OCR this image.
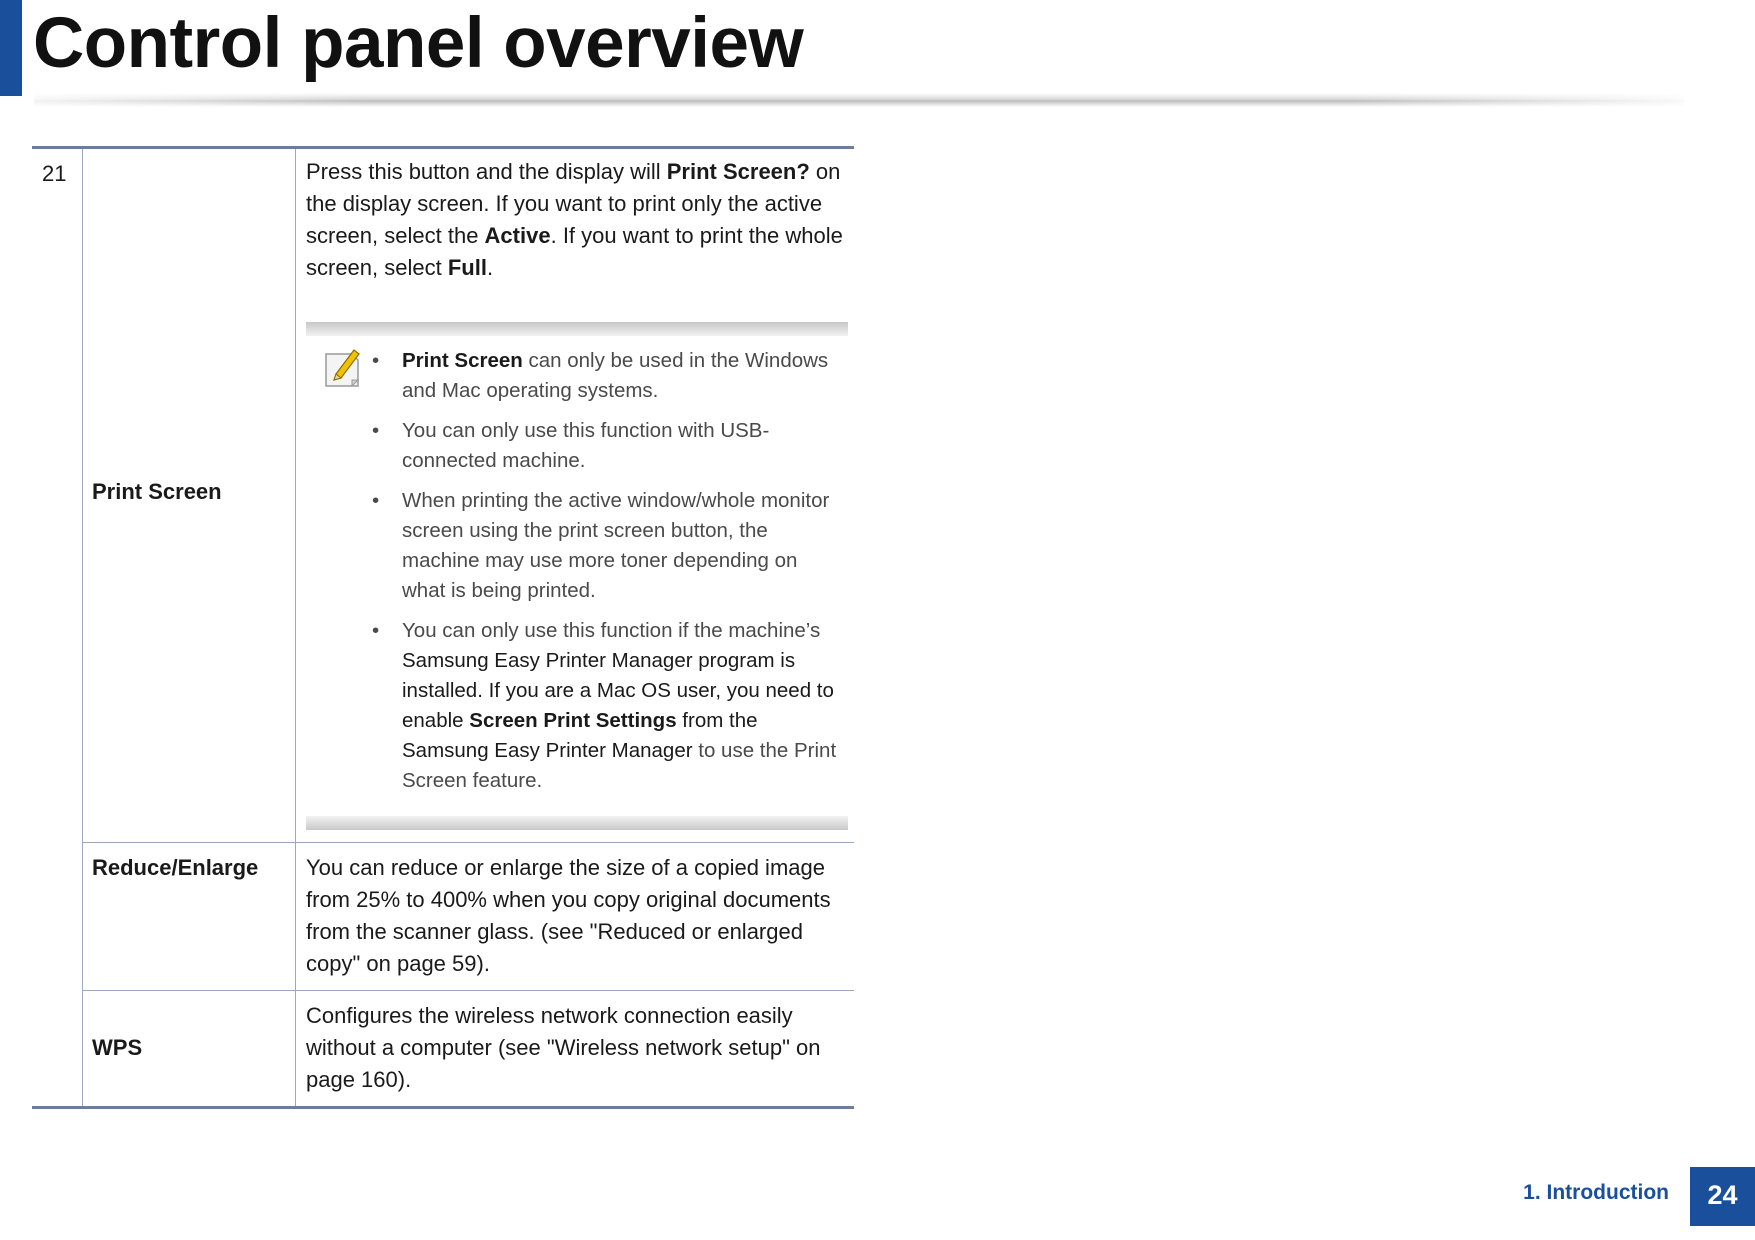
Control panel overview
21
Print Screen
Press this button and the display will Print Screen? on the display screen. If you want to print only the active screen, select the Active. If you want to print the whole screen, select Full.
• Print Screen can only be used in the Windows and Mac operating systems.
• You can only use this function with USB-connected machine.
• When printing the active window/whole monitor screen using the print screen button, the machine may use more toner depending on what is being printed.
• You can only use this function if the machine’s Samsung Easy Printer Manager program is installed. If you are a Mac OS user, you need to enable Screen Print Settings from the Samsung Easy Printer Manager to use the Print Screen feature.
Reduce/Enlarge You can reduce or enlarge the size of a copied image from 25% to 400% when you copy original documents from the scanner glass. (see "Reduced or enlarged copy" on page 59).
WPS
Configures the wireless network connection easily without a computer (see "Wireless network setup" on page 160).
1. Introduction	24
